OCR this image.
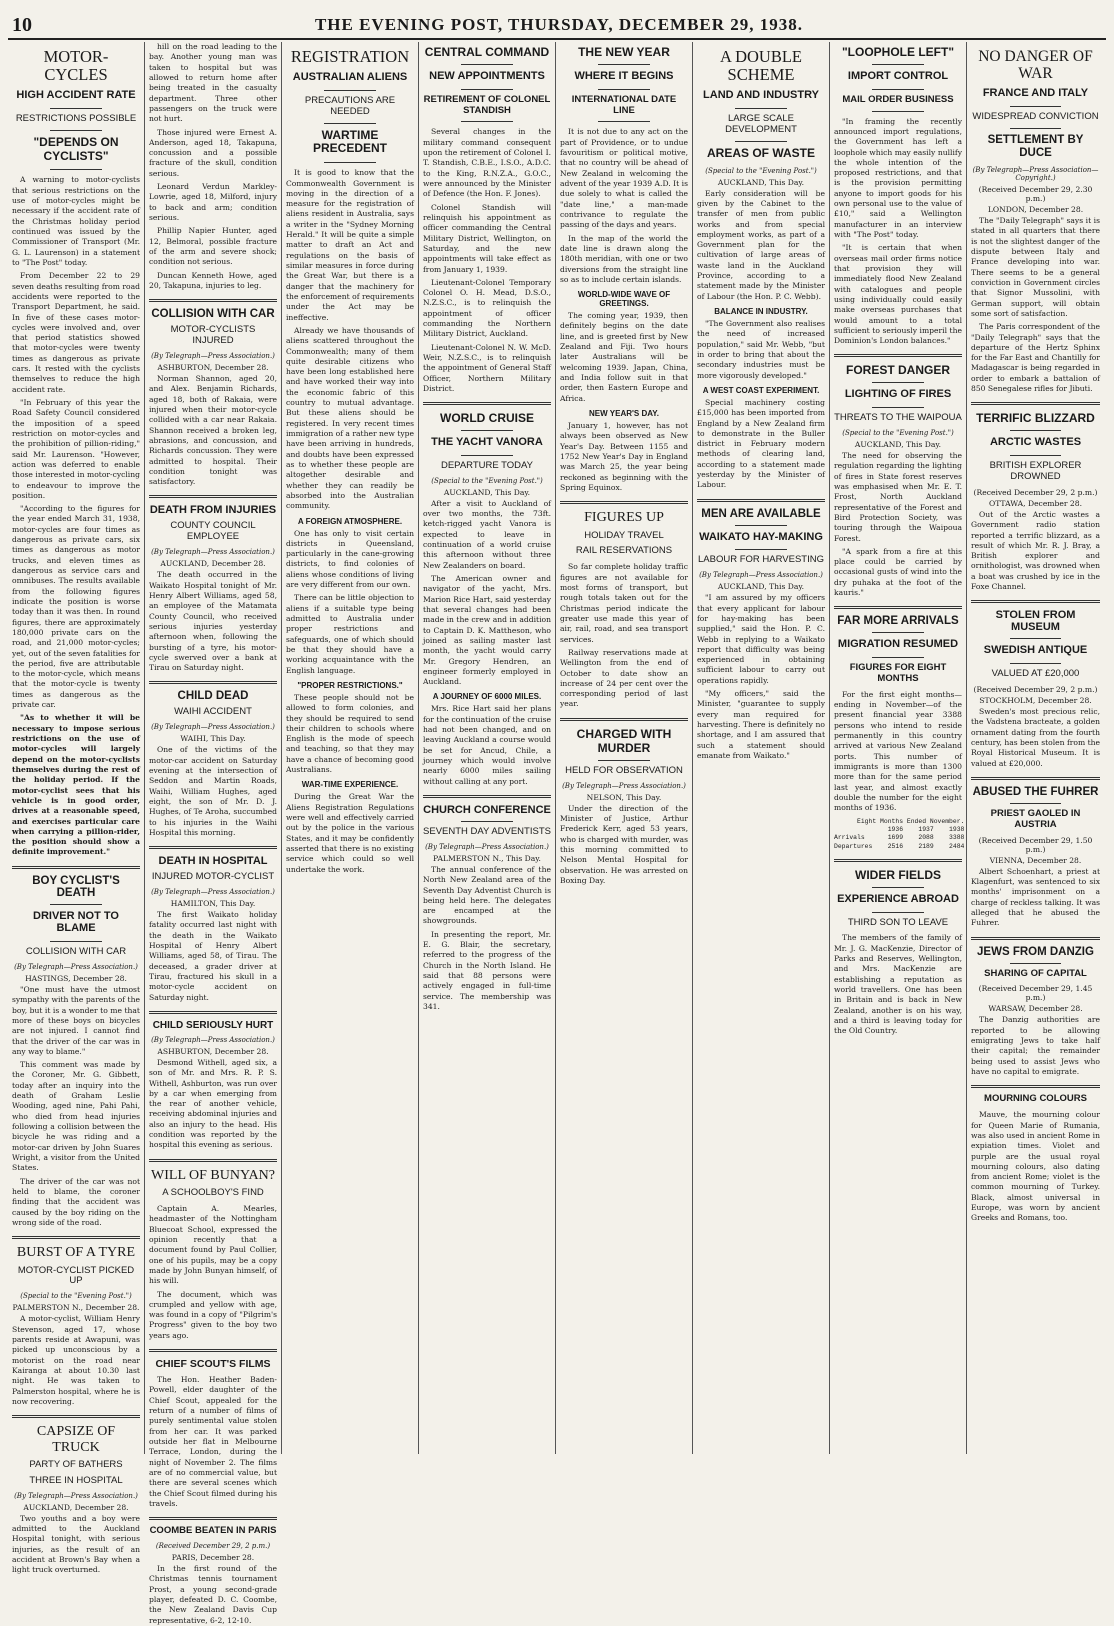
10	THE EVENING POST, THURSDAY, DECEMBER 29, 1938.
MOTOR-CYCLES
HIGH ACCIDENT RATE
RESTRICTIONS POSSIBLE
"DEPENDS ON CYCLISTS"

A warning to motor-cyclists that serious restrictions on the use of motor-cycles might be necessary if the accident rate of the Christmas holiday period continued was issued by the Commissioner of Transport (Mr. G. L. Laurenson) in a statement to "The Post" today.

From December 22 to 29 seven deaths resulting from road accidents were reported to the Transport Department, he said. In five of these cases motor-cycles were involved and, over that period statistics showed that motor-cycles were twenty times as dangerous as private cars. It rested with the cyclists themselves to reduce the high accident rate.

"In February of this year the Road Safety Council considered the imposition of a speed restriction on motor-cycles and the prohibition of pillion-riding," said Mr. Laurenson. "However, action was deferred to enable those interested in motor-cycling to endeavour to improve the position.

"According to the figures for the year ended March 31, 1938, motor-cycles are four times as dangerous as private cars, six times as dangerous as motor trucks, and eleven times as dangerous as service cars and omnibuses. The results available from the following figures indicate the position is worse today than it was then. In round figures, there are approximately 180,000 private cars on the road, and 21,000 motor-cycles; yet, out of the seven fatalities for the period, five are attributable to the motor-cycle, which means that the motor-cycle is twenty times as dangerous as the private car.

"As to whether it will be necessary to impose serious restrictions on the use of motor-cycles will largely depend on the motor-cyclists themselves during the rest of the holiday period. If the motor-cyclist sees that his vehicle is in good order, drives at a reasonable speed, and exercises particular care when carrying a pillion-rider, the position should show a definite improvement."

BOY CYCLIST'S DEATH
DRIVER NOT TO BLAME
COLLISION WITH CAR
(By Telegraph—Press Association.)
HASTINGS, December 28.

"One must have the utmost sympathy with the parents of the boy, but it is a wonder to me that more of these boys on bicycles are not injured. I cannot find that the driver of the car was in any way to blame."

This comment was made by the Coroner, Mr. G. Gibbett, today after an inquiry into the death of Graham Leslie Wooding, aged nine, Pahi Pahi, who died from head injuries following a collision between the bicycle he was riding and a motor-car driven by John Suares Wright, a visitor from the United States.

The driver of the car was not held to blame, the coroner finding that the accident was caused by the boy riding on the wrong side of the road.

BURST OF A TYRE
MOTOR-CYCLIST PICKED UP
(Special to the "Evening Post.")
PALMERSTON N., December 28.

A motor-cyclist, William Henry Stevenson, aged 17, whose parents reside at Awapuni, was picked up unconscious by a motorist on the road near Kairanga at about 10.30 last night. He was taken to Palmerston hospital, where he is now recovering.

CAPSIZE OF TRUCK
PARTY OF BATHERS
THREE IN HOSPITAL
(By Telegraph—Press Association.)
AUCKLAND, December 28.

Two youths and a boy were admitted to the Auckland Hospital tonight, with serious injuries, as the result of an accident at Brown's Bay when a light truck overturned.

hill on the road leading to the bay. Another young man was taken to hospital but was allowed to return home after being treated in the casualty department. Three other passengers on the truck were not hurt.

Those injured were Ernest A. Anderson, aged 18, Takapuna, concussion and a possible fracture of the skull, condition serious.

Leonard Verdun Markley-Lowrie, aged 18, Milford, injury to back and arm; condition serious.

Phillip Napier Hunter, aged 12, Belmoral, possible fracture of the arm and severe shock; condition not serious.

Duncan Kenneth Howe, aged 20, Takapuna, injuries to leg.

COLLISION WITH CAR
MOTOR-CYCLISTS INJURED
(By Telegraph—Press Association.)
ASHBURTON, December 28.

Norman Shannon, aged 20, and Alex. Benjamin Richards, aged 18, both of Rakaia, were injured when their motor-cycle collided with a car near Rakaia. Shannon received a broken leg, abrasions, and concussion, and Richards concussion. They were admitted to hospital. Their condition tonight was satisfactory.

DEATH FROM INJURIES
COUNTY COUNCIL EMPLOYEE
(By Telegraph—Press Association.)
AUCKLAND, December 28.

The death occurred in the Waikato Hospital tonight of Mr. Henry Albert Williams, aged 58, an employee of the Matamata County Council, who received serious injuries yesterday afternoon when, following the bursting of a tyre, his motor-cycle swerved over a bank at Tirau on Saturday night.

CHILD DEAD
WAIHI ACCIDENT
(By Telegraph—Press Association.)
WAIHI, This Day.

One of the victims of the motor-car accident on Saturday evening at the intersection of Seddon and Martin Roads, Waihi, William Hughes, aged eight, the son of Mr. D. J. Hughes, of Te Aroha, succumbed to his injuries in the Waihi Hospital this morning.

DEATH IN HOSPITAL
INJURED MOTOR-CYCLIST
(By Telegraph—Press Association.)
HAMILTON, This Day.

The first Waikato holiday fatality occurred last night with the death in the Waikato Hospital of Henry Albert Williams, aged 58, of Tirau. The deceased, a grader driver at Tirau, fractured his skull in a motor-cycle accident on Saturday night.

CHILD SERIOUSLY HURT
(By Telegraph—Press Association.)
ASHBURTON, December 28.

Desmond Withell, aged six, a son of Mr. and Mrs. R. P. S. Withell, Ashburton, was run over by a car when emerging from the rear of another vehicle, receiving abdominal injuries and also an injury to the head. His condition was reported by the hospital this evening as serious.

WILL OF BUNYAN?
A SCHOOLBOY'S FIND

Captain A. Mearles, headmaster of the Nottingham Bluecoat School, expressed the opinion recently that a document found by Paul Collier, one of his pupils, may be a copy made by John Bunyan himself, of his will.

The document, which was crumpled and yellow with age, was found in a copy of "Pilgrim's Progress" given to the boy two years ago.

CHIEF SCOUT'S FILMS

The Hon. Heather Baden-Powell, elder daughter of the Chief Scout, appealed for the return of a number of films of purely sentimental value stolen from her car. It was parked outside her flat in Melbourne Terrace, London, during the night of November 2. The films are of no commercial value, but there are several scenes which the Chief Scout filmed during his travels.

COOMBE BEATEN IN PARIS
(Received December 29, 2 p.m.)
PARIS, December 28.

In the first round of the Christmas tennis tournament Prost, a young second-grade player, defeated D. C. Coombe, the New Zealand Davis Cup representative, 6-2, 12-10.

REGISTRATION
AUSTRALIAN ALIENS
PRECAUTIONS ARE NEEDED
WARTIME PRECEDENT

It is good to know that the Commonwealth Government is moving in the direction of a measure for the registration of aliens resident in Australia, says a writer in the "Sydney Morning Herald." It will be quite a simple matter to draft an Act and regulations on the basis of similar measures in force during the Great War, but there is a danger that the machinery for the enforcement of requirements under the Act may be ineffective.

Already we have thousands of aliens scattered throughout the Commonwealth; many of them quite desirable citizens who have been long established here and have worked their way into the economic fabric of this country to mutual advantage. But these aliens should be registered. In very recent times immigration of a rather new type have been arriving in hundreds, and doubts have been expressed as to whether these people are altogether desirable and whether they can readily be absorbed into the Australian community.

A FOREIGN ATMOSPHERE.

One has only to visit certain districts in Queensland, particularly in the cane-growing districts, to find colonies of aliens whose conditions of living are very different from our own.

There can be little objection to aliens if a suitable type being admitted to Australia under proper restrictions and safeguards, one of which should be that they should have a working acquaintance with the English language.

"PROPER RESTRICTIONS."

These people should not be allowed to form colonies, and they should be required to send their children to schools where English is the mode of speech and teaching, so that they may have a chance of becoming good Australians.

WAR-TIME EXPERIENCE.

During the Great War the Aliens Registration Regulations were well and effectively carried out by the police in the various States, and it may be confidently asserted that there is no existing service which could so well undertake the work.

CENTRAL COMMAND
NEW APPOINTMENTS
RETIREMENT OF COLONEL STANDISH

Several changes in the military command consequent upon the retirement of Colonel I. T. Standish, C.B.E., I.S.O., A.D.C. to the King, R.N.Z.A., G.O.C., were announced by the Minister of Defence (the Hon. F. Jones).

Colonel Standish will relinquish his appointment as officer commanding the Central Military District, Wellington, on Saturday, and the new appointments will take effect as from January 1, 1939.

Lieutenant-Colonel Temporary Colonel O. H. Mead, D.S.O., N.Z.S.C., is to relinquish the appointment of officer commanding the Northern Military District, Auckland.

Lieutenant-Colonel N. W. McD. Weir, N.Z.S.C., is to relinquish the appointment of General Staff Officer, Northern Military District.

WORLD CRUISE
THE YACHT VANORA
DEPARTURE TODAY
(Special to the "Evening Post.")
AUCKLAND, This Day.

After a visit to Auckland of over two months, the 73ft. ketch-rigged yacht Vanora is expected to leave in continuation of a world cruise this afternoon without three New Zealanders on board.

The American owner and navigator of the yacht, Mrs. Marion Rice Hart, said yesterday that several changes had been made in the crew and in addition to Captain D. K. Mattheson, who joined as sailing master last month, the yacht would carry Mr. Gregory Hendren, an engineer formerly employed in Auckland.

A JOURNEY OF 6000 MILES.

Mrs. Rice Hart said her plans for the continuation of the cruise had not been changed, and on leaving Auckland a course would be set for Ancud, Chile, a journey which would involve nearly 6000 miles sailing without calling at any port.

CHURCH CONFERENCE
SEVENTH DAY ADVENTISTS
(By Telegraph—Press Association.)
PALMERSTON N., This Day.

The annual conference of the North New Zealand area of the Seventh Day Adventist Church is being held here. The delegates are encamped at the showgrounds.

In presenting the report, Mr. E. G. Blair, the secretary, referred to the progress of the Church in the North Island. He said that 88 persons were actively engaged in full-time service. The membership was 341.

THE NEW YEAR
WHERE IT BEGINS
INTERNATIONAL DATE LINE

It is not due to any act on the part of Providence, or to undue favouritism or political motive, that no country will be ahead of New Zealand in welcoming the advent of the year 1939 A.D. It is due solely to what is called the "date line," a man-made contrivance to regulate the passing of the days and years.

In the map of the world the date line is drawn along the 180th meridian, with one or two diversions from the straight line so as to include certain islands.

WORLD-WIDE WAVE OF GREETINGS.

The coming year, 1939, then definitely begins on the date line, and is greeted first by New Zealand and Fiji. Two hours later Australians will be welcoming 1939. Japan, China, and India follow suit in that order, then Eastern Europe and Africa.

NEW YEAR'S DAY.

January 1, however, has not always been observed as New Year's Day. Between 1155 and 1752 New Year's Day in England was March 25, the year being reckoned as beginning with the Spring Equinox.

FIGURES UP
HOLIDAY TRAVEL
RAIL RESERVATIONS

So far complete holiday traffic figures are not available for most forms of transport, but rough totals taken out for the Christmas period indicate the greater use made this year of air, rail, road, and sea transport services.

Railway reservations made at Wellington from the end of October to date show an increase of 24 per cent over the corresponding period of last year.

CHARGED WITH MURDER
HELD FOR OBSERVATION
(By Telegraph—Press Association.)
NELSON, This Day.

Under the direction of the Minister of Justice, Arthur Frederick Kerr, aged 53 years, who is charged with murder, was this morning committed to Nelson Mental Hospital for observation. He was arrested on Boxing Day.

A DOUBLE SCHEME
LAND AND INDUSTRY
LARGE SCALE DEVELOPMENT
AREAS OF WASTE
(Special to the "Evening Post.")
AUCKLAND, This Day.

Early consideration will be given by the Cabinet to the transfer of men from public works and from special employment works, as part of a Government plan for the cultivation of large areas of waste land in the Auckland Province, according to a statement made by the Minister of Labour (the Hon. P. C. Webb).

BALANCE IN INDUSTRY.

"The Government also realises the need of increased population," said Mr. Webb, "but in order to bring that about the secondary industries must be more vigorously developed."

A WEST COAST EXPERIMENT.

Special machinery costing £15,000 has been imported from England by a New Zealand firm to demonstrate in the Buller district in February modern methods of clearing land, according to a statement made yesterday by the Minister of Labour.

MEN ARE AVAILABLE
WAIKATO HAY-MAKING
LABOUR FOR HARVESTING
(By Telegraph—Press Association.)
AUCKLAND, This Day.

"I am assured by my officers that every applicant for labour for hay-making has been supplied," said the Hon. P. C. Webb in replying to a Waikato report that difficulty was being experienced in obtaining sufficient labour to carry out operations rapidly.

"My officers," said the Minister, "guarantee to supply every man required for harvesting. There is definitely no shortage, and I am assured that such a statement should emanate from Waikato."

"LOOPHOLE LEFT"
IMPORT CONTROL
MAIL ORDER BUSINESS

"In framing the recently announced import regulations, the Government has left a loophole which may easily nullify the whole intention of the proposed restrictions, and that is the provision permitting anyone to import goods for his own personal use to the value of £10," said a Wellington manufacturer in an interview with "The Post" today.

"It is certain that when overseas mail order firms notice that provision they will immediately flood New Zealand with catalogues and people using individually could easily make overseas purchases that would amount to a total sufficient to seriously imperil the Dominion's London balances."

FOREST DANGER
LIGHTING OF FIRES
THREATS TO THE WAIPOUA
(Special to the "Evening Post.")
AUCKLAND, This Day.

The need for observing the regulation regarding the lighting of fires in State forest reserves was emphasised when Mr. E. T. Frost, North Auckland representative of the Forest and Bird Protection Society, was touring through the Waipoua Forest.

"A spark from a fire at this place could be carried by occasional gusts of wind into the dry puhaka at the foot of the kauris."

FAR MORE ARRIVALS
MIGRATION RESUMED
FIGURES FOR EIGHT MONTHS

For the first eight months—ending in November—of the present financial year 3388 persons who intend to reside permanently in this country arrived at various New Zealand ports. This number of immigrants is more than 1300 more than for the same period last year, and almost exactly double the number for the eight months of 1936.

Eight Months Ended November.
1936    1937    1938
Arrivals      1699    2088    3388
Departures    2516    2189    2484
WIDER FIELDS
EXPERIENCE ABROAD
THIRD SON TO LEAVE

The members of the family of Mr. J. G. MacKenzie, Director of Parks and Reserves, Wellington, and Mrs. MacKenzie are establishing a reputation as world travellers. One has been in Britain and is back in New Zealand, another is on his way, and a third is leaving today for the Old Country.

NO DANGER OF WAR
FRANCE AND ITALY
WIDESPREAD CONVICTION
SETTLEMENT BY DUCE
(By Telegraph—Press Association—Copyright.)
(Received December 29, 2.30 p.m.)
LONDON, December 28.

The "Daily Telegraph" says it is stated in all quarters that there is not the slightest danger of the dispute between Italy and France developing into war. There seems to be a general conviction in Government circles that Signor Mussolini, with German support, will obtain some sort of satisfaction.

The Paris correspondent of the "Daily Telegraph" says that the departure of the Hertz Sphinx for the Far East and Chantilly for Madagascar is being regarded in order to embark a battalion of 850 Senegalese rifles for Jibuti.

TERRIFIC BLIZZARD
ARCTIC WASTES
BRITISH EXPLORER DROWNED
(Received December 29, 2 p.m.)
OTTAWA, December 28.

Out of the Arctic wastes a Government radio station reported a terrific blizzard, as a result of which Mr. R. J. Bray, a British explorer and ornithologist, was drowned when a boat was crushed by ice in the Foxe Channel.

STOLEN FROM MUSEUM
SWEDISH ANTIQUE
VALUED AT £20,000
(Received December 29, 2 p.m.)
STOCKHOLM, December 28.

Sweden's most precious relic, the Vadstena bracteate, a golden ornament dating from the fourth century, has been stolen from the Royal Historical Museum. It is valued at £20,000.

ABUSED THE FUHRER
PRIEST GAOLED IN AUSTRIA
(Received December 29, 1.50 p.m.)
VIENNA, December 28.

Albert Schoenhart, a priest at Klagenfurt, was sentenced to six months' imprisonment on a charge of reckless talking. It was alleged that he abused the Fuhrer.

JEWS FROM DANZIG
SHARING OF CAPITAL
(Received December 29, 1.45 p.m.)
WARSAW, December 28.

The Danzig authorities are reported to be allowing emigrating Jews to take half their capital; the remainder being used to assist Jews who have no capital to emigrate.

MOURNING COLOURS

Mauve, the mourning colour for Queen Marie of Rumania, was also used in ancient Rome in expiation times. Violet and purple are the usual royal mourning colours, also dating from ancient Rome; violet is the common mourning of Turkey. Black, almost universal in Europe, was worn by ancient Greeks and Romans, too.
